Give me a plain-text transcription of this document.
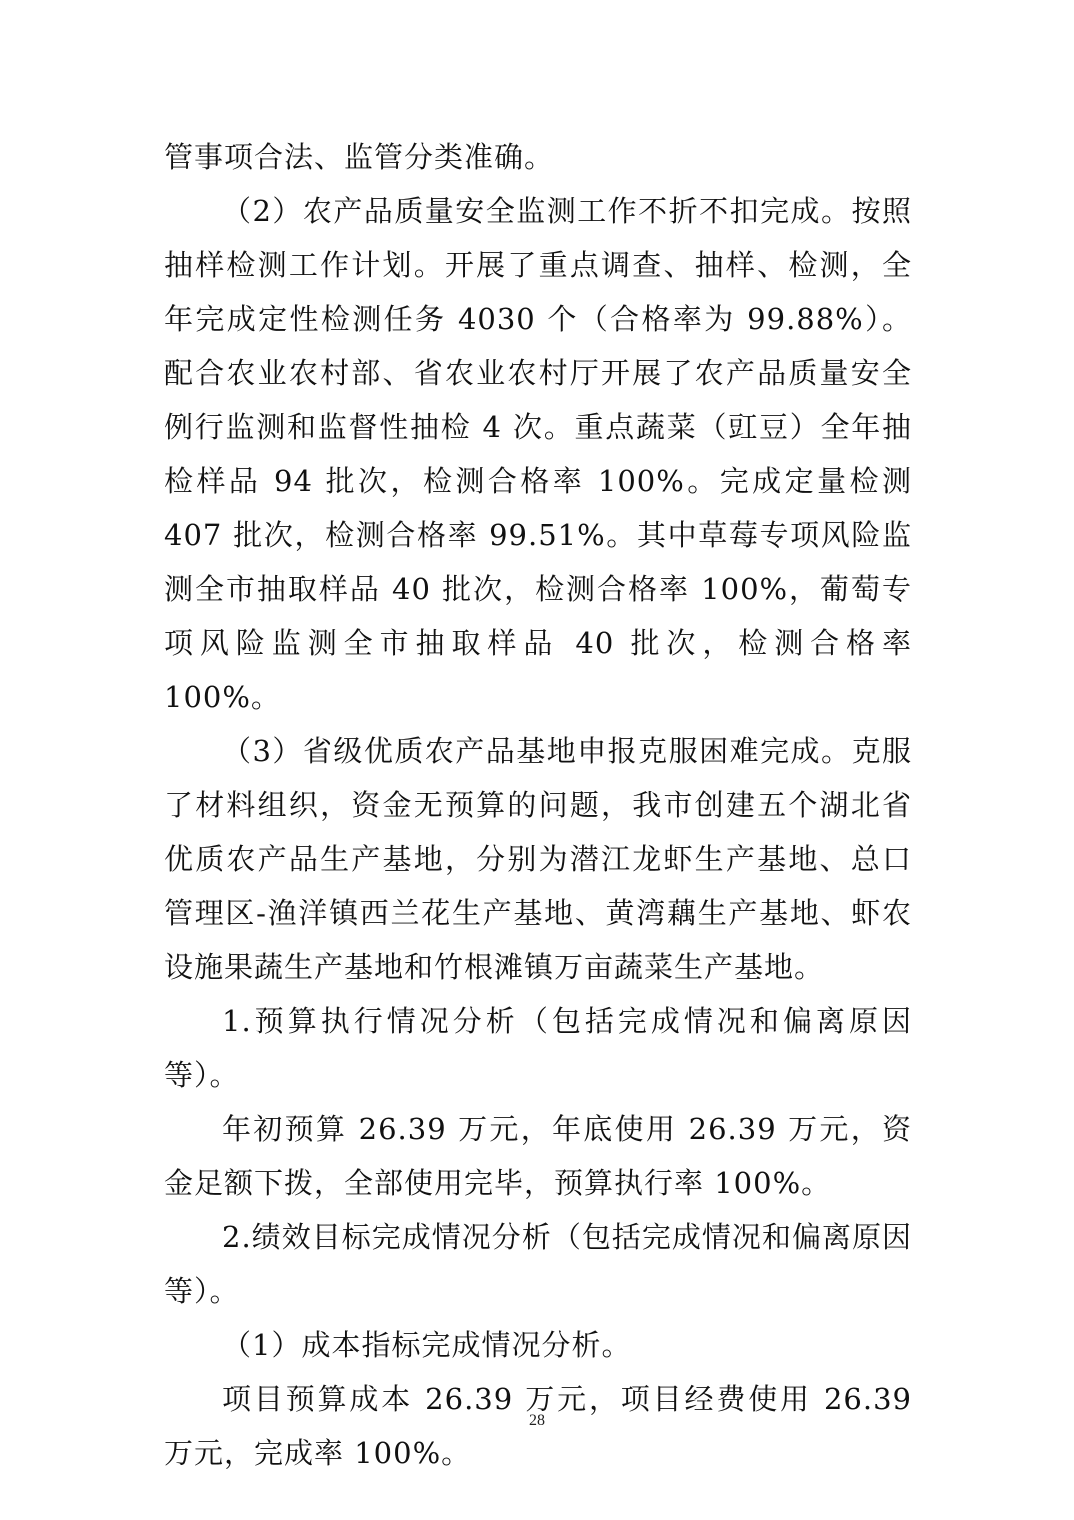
管事项合法、监管分类准确。

（2）农产品质量安全监测工作不折不扣完成。按照抽样检测工作计划。开展了重点调查、抽样、检测，全年完成定性检测任务 4030 个（合格率为 99.88%）。配合农业农村部、省农业农村厅开展了农产品质量安全例行监测和监督性抽检 4 次。重点蔬菜（豇豆）全年抽检样品 94 批次，检测合格率 100%。完成定量检测 407 批次，检测合格率 99.51%。其中草莓专项风险监测全市抽取样品 40 批次，检测合格率 100%，葡萄专项风险监测全市抽取样品 40 批次，检测合格率 100%。

（3）省级优质农产品基地申报克服困难完成。克服了材料组织，资金无预算的问题，我市创建五个湖北省优质农产品生产基地，分别为潜江龙虾生产基地、总口管理区-渔洋镇西兰花生产基地、黄湾藕生产基地、虾农设施果蔬生产基地和竹根滩镇万亩蔬菜生产基地。

1.预算执行情况分析（包括完成情况和偏离原因等）。

年初预算 26.39 万元，年底使用 26.39 万元，资金足额下拨，全部使用完毕，预算执行率 100%。

2.绩效目标完成情况分析（包括完成情况和偏离原因等）。

（1）成本指标完成情况分析。

项目预算成本 26.39 万元，项目经费使用 26.39 万元，完成率 100%。

28
